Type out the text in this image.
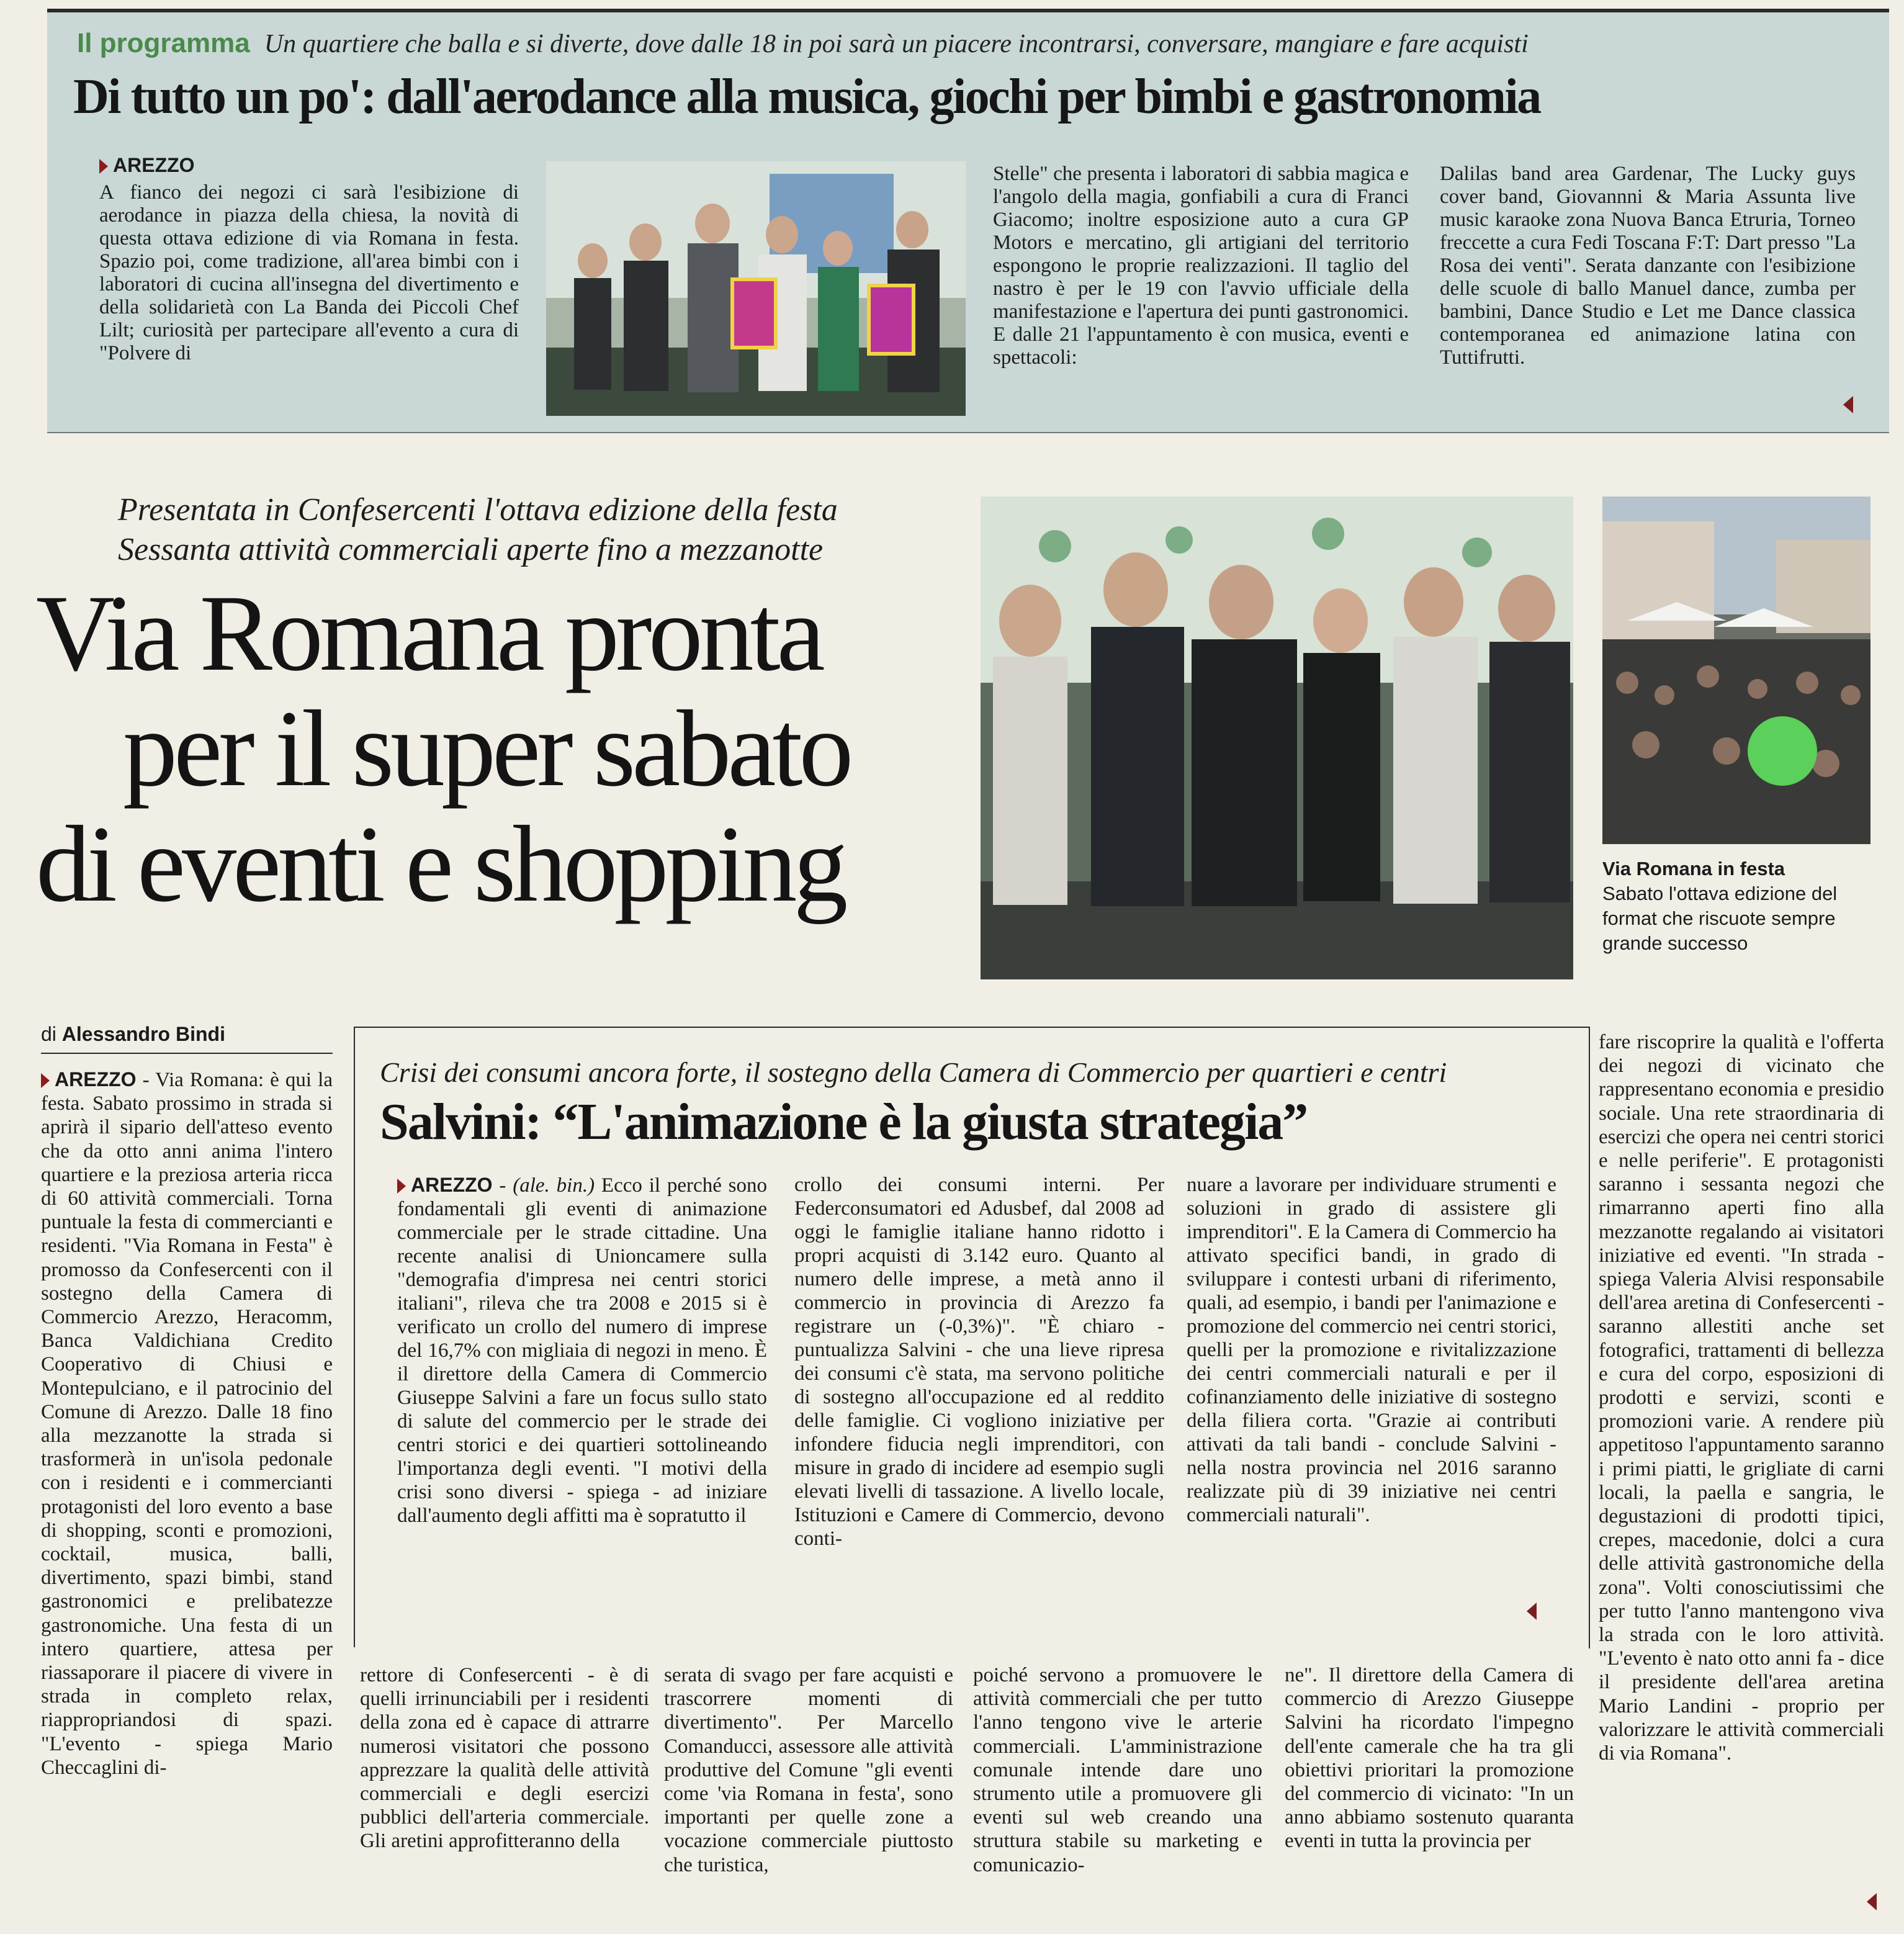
Il programma Un quartiere che balla e si diverte, dove dalle 18 in poi sarà un piacere incontrarsi, conversare, mangiare e fare acquisti
Di tutto un po': dall'aerodance alla musica, giochi per bimbi e gastronomia
AREZZO
A fianco dei negozi ci sarà l'esibizione di aerodance in piazza della chiesa, la novità di questa ottava edizione di via Romana in festa. Spazio poi, come tradizione, all'area bimbi con i laboratori di cucina all'insegna del divertimento e della solidarietà con La Banda dei Piccoli Chef Lilt; curiosità per partecipare all'evento a cura di "Polvere di
Stelle" che presenta i laboratori di sabbia magica e l'angolo della magia, gonfiabili a cura di Franci Giacomo; inoltre esposizione auto a cura GP Motors e mercatino, gli artigiani del territorio espongono le proprie realizzazioni. Il taglio del nastro è per le 19 con l'avvio ufficiale della manifestazione e l'apertura dei punti gastronomici. E dalle 21 l'appuntamento è con musica, eventi e spettacoli:
Dalilas band area Gardenar, The Lucky guys cover band, Giovannni & Maria Assunta live music karaoke zona Nuova Banca Etruria, Torneo freccette a cura Fedi Toscana F:T: Dart presso "La Rosa dei venti". Serata danzante con l'esibizione delle scuole di ballo Manuel dance, zumba per bambini, Dance Studio e Let me Dance classica contemporanea ed animazione latina con Tuttifrutti.
Presentata in Confesercenti l'ottava edizione della festa
Sessanta attività commerciali aperte fino a mezzanotte
Via Romana pronta
per il super sabato
di eventi e shopping	Via Romana in festa
Sabato l'ottava edizione del format che riscuote sempre grande successo
di Alessandro Bindi
AREZZO - Via Romana: è qui la festa. Sabato prossimo in strada si aprirà il sipario dell'atteso evento che da otto anni anima l'intero quartiere e la preziosa arteria ricca di 60 attività commerciali. Torna puntuale la festa di commercianti e residenti. "Via Romana in Festa" è promosso da Confesercenti con il sostegno della Camera di Commercio Arezzo, Heracomm, Banca Valdichiana Credito Cooperativo di Chiusi e Montepulciano, e il patrocinio del Comune di Arezzo. Dalle 18 fino alla mezzanotte la strada si trasformerà in un'isola pedonale con i residenti e i commercianti protagonisti del loro evento a base di shopping, sconti e promozioni, cocktail, musica, balli, divertimento, spazi bimbi, stand gastronomici e prelibatezze gastronomiche. Una festa di un intero quartiere, attesa per riassaporare il piacere di vivere in strada in completo relax, riappropriandosi di spazi. "L'evento - spiega Mario Checcaglini di-
Crisi dei consumi ancora forte, il sostegno della Camera di Commercio per quartieri e centri
Salvini: “L'animazione è la giusta strategia”
AREZZO - (ale. bin.) Ecco il perché sono fondamentali gli eventi di animazione commerciale per le strade cittadine. Una recente analisi di Unioncamere sulla "demografia d'impresa nei centri storici italiani", rileva che tra 2008 e 2015 si è verificato un crollo del numero di imprese del 16,7% con migliaia di negozi in meno. È il direttore della Camera di Commercio Giuseppe Salvini a fare un focus sullo stato di salute del commercio per le strade dei centri storici e dei quartieri sottolineando l'importanza degli eventi. "I motivi della crisi sono diversi - spiega - ad iniziare dall'aumento degli affitti ma è sopratutto il
crollo dei consumi interni. Per Federconsumatori ed Adusbef, dal 2008 ad oggi le famiglie italiane hanno ridotto i propri acquisti di 3.142 euro. Quanto al numero delle imprese, a metà anno il commercio in provincia di Arezzo fa registrare un (-0,3%)". "È chiaro - puntualizza Salvini - che una lieve ripresa dei consumi c'è stata, ma servono politiche di sostegno all'occupazione ed al reddito delle famiglie. Ci vogliono iniziative per infondere fiducia negli imprenditori, con misure in grado di incidere ad esempio sugli elevati livelli di tassazione. A livello locale, Istituzioni e Camere di Commercio, devono conti-
nuare a lavorare per individuare strumenti e soluzioni in grado di assistere gli imprenditori". E la Camera di Commercio ha attivato specifici bandi, in grado di sviluppare i contesti urbani di riferimento, quali, ad esempio, i bandi per l'animazione e promozione del commercio nei centri storici, quelli per la promozione e rivitalizzazione dei centri commerciali naturali e per il cofinanziamento delle iniziative di sostegno della filiera corta. "Grazie ai contributi attivati da tali bandi - conclude Salvini - nella nostra provincia nel 2016 saranno realizzate più di 39 iniziative nei centri commerciali naturali".
rettore di Confesercenti - è di quelli irrinunciabili per i residenti della zona ed è capace di attrarre numerosi visitatori che possono apprezzare la qualità delle attività commerciali e degli esercizi pubblici dell'arteria commerciale. Gli aretini approfitteranno della
serata di svago per fare acquisti e trascorrere momenti di divertimento". Per Marcello Comanducci, assessore alle attività produttive del Comune "gli eventi come 'via Romana in festa', sono importanti per quelle zone a vocazione commerciale piuttosto che turistica,
poiché servono a promuovere le attività commerciali che per tutto l'anno tengono vive le arterie commerciali. L'amministrazione comunale intende dare uno strumento utile a promuovere gli eventi sul web creando una struttura stabile su marketing e comunicazio-
ne". Il direttore della Camera di commercio di Arezzo Giuseppe Salvini ha ricordato l'impegno dell'ente camerale che ha tra gli obiettivi prioritari la promozione del commercio di vicinato: "In un anno abbiamo sostenuto quaranta eventi in tutta la provincia per
fare riscoprire la qualità e l'offerta dei negozi di vicinato che rappresentano economia e presidio sociale. Una rete straordinaria di esercizi che opera nei centri storici e nelle periferie". E protagonisti saranno i sessanta negozi che rimarranno aperti fino alla mezzanotte regalando ai visitatori iniziative ed eventi. "In strada - spiega Valeria Alvisi responsabile dell'area aretina di Confesercenti - saranno allestiti anche set fotografici, trattamenti di bellezza e cura del corpo, esposizioni di prodotti e servizi, sconti e promozioni varie. A rendere più appetitoso l'appuntamento saranno i primi piatti, le grigliate di carni locali, la paella e sangria, le degustazioni di prodotti tipici, crepes, macedonie, dolci a cura delle attività gastronomiche della zona". Volti conosciutissimi che per tutto l'anno mantengono viva la strada con le loro attività. "L'evento è nato otto anni fa - dice il presidente dell'area aretina Mario Landini - proprio per valorizzare le attività commerciali di via Romana".
